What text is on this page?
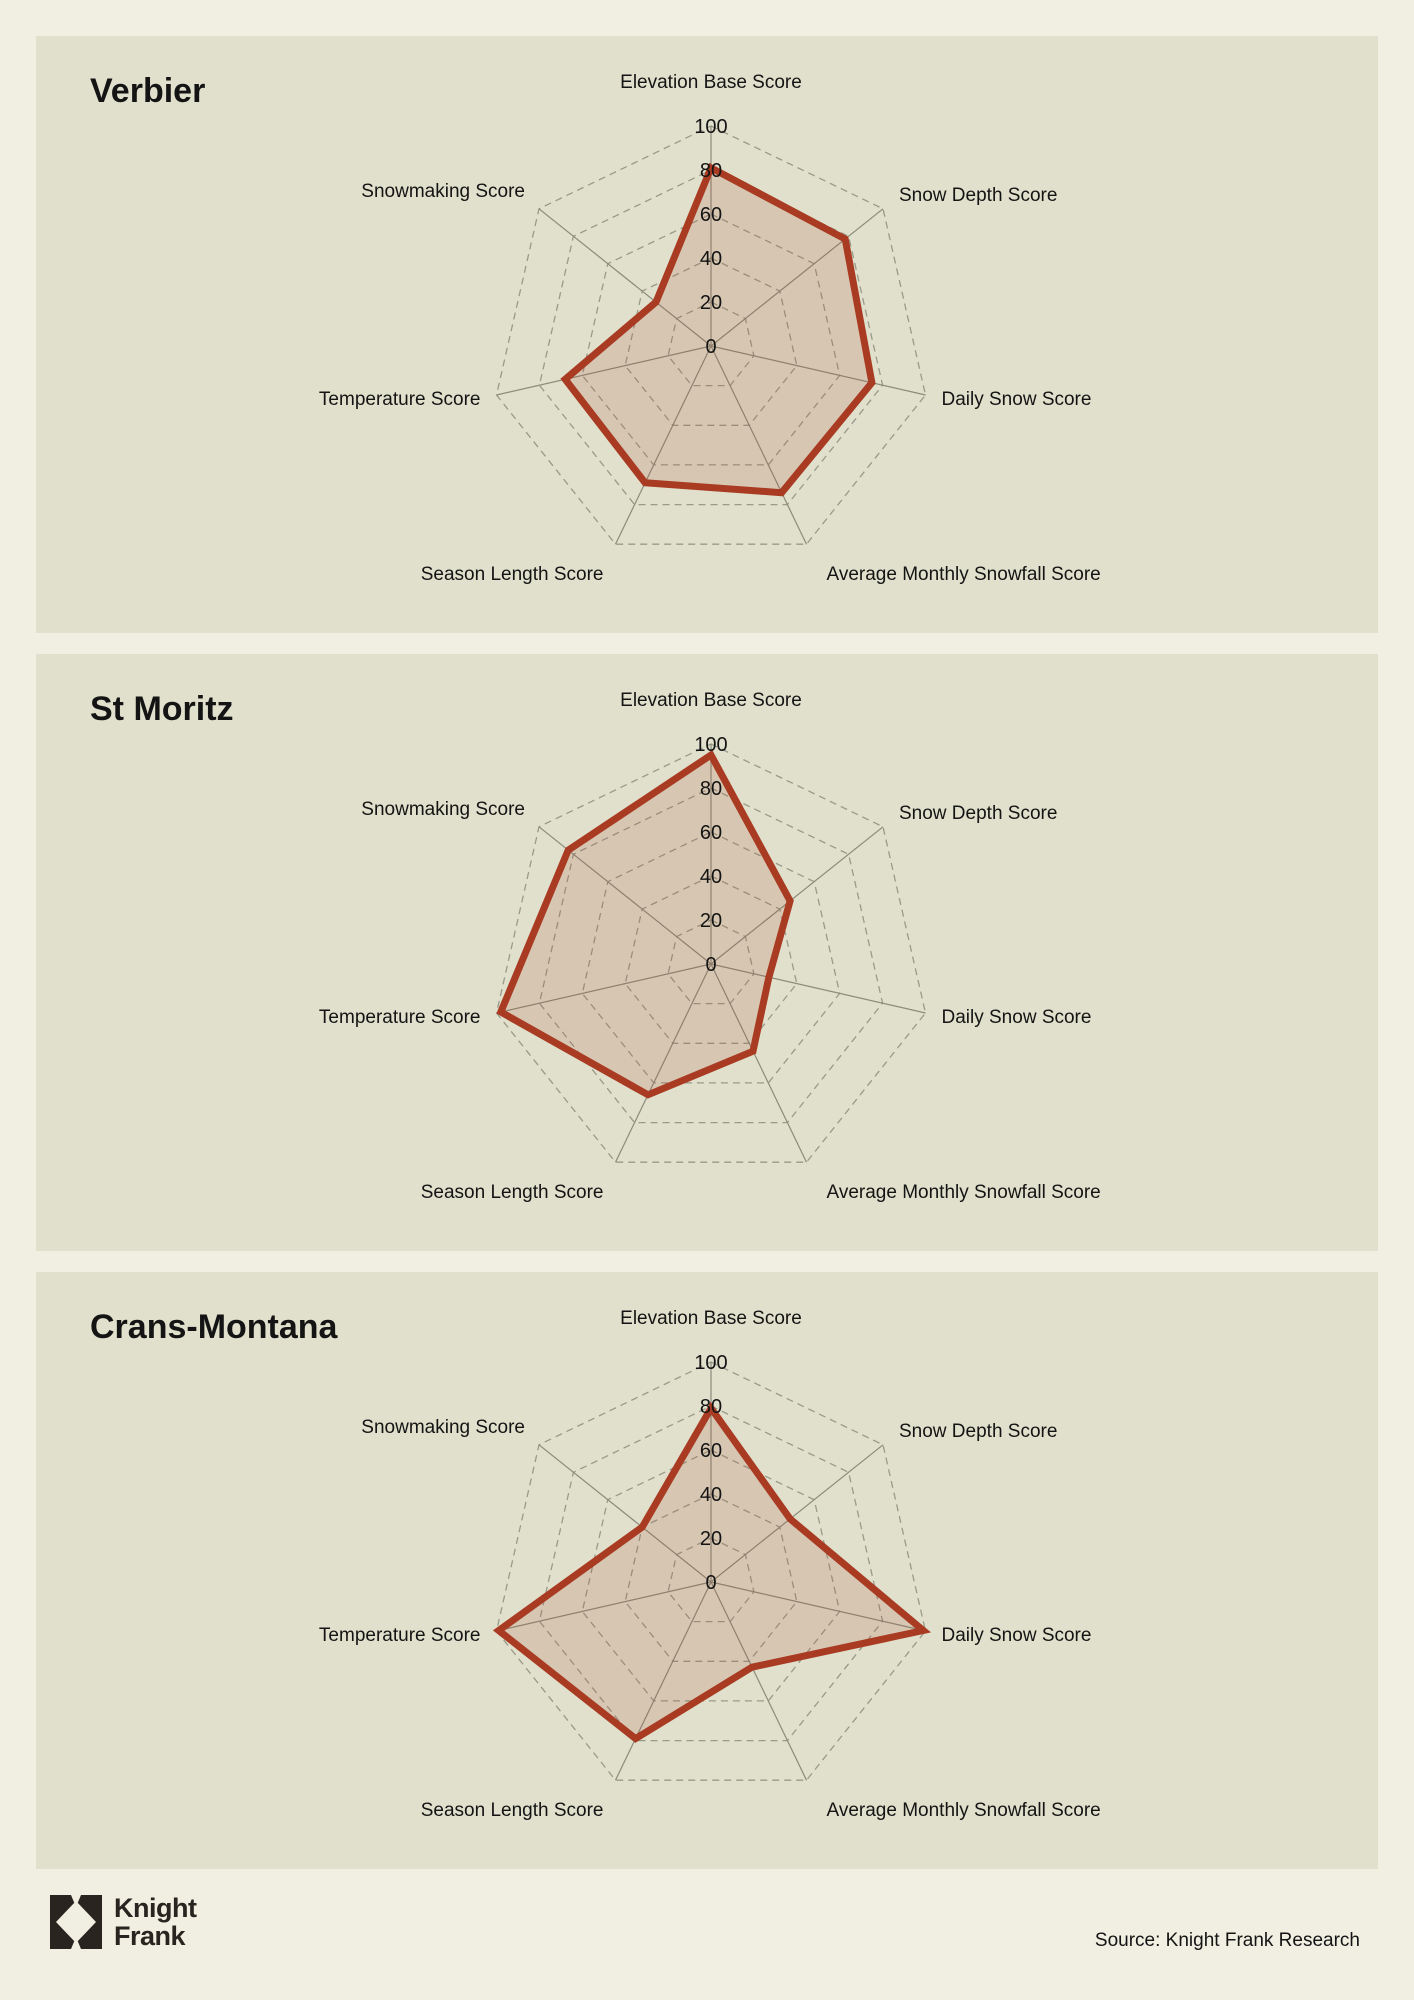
0
20
40
60
80
100
Elevation Base Score
Snow Depth Score
Daily Snow Score
Average Monthly Snowfall Score
Season Length Score
Temperature Score
Snowmaking Score
Verbier
0
20
40
60
80
100
Elevation Base Score
Snow Depth Score
Daily Snow Score
Average Monthly Snowfall Score
Season Length Score
Temperature Score
Snowmaking Score
St Moritz
0
20
40
60
80
100
Elevation Base Score
Snow Depth Score
Daily Snow Score
Average Monthly Snowfall Score
Season Length Score
Temperature Score
Snowmaking Score
Crans-Montana
Knight
Frank	Source: Knight Frank Research
